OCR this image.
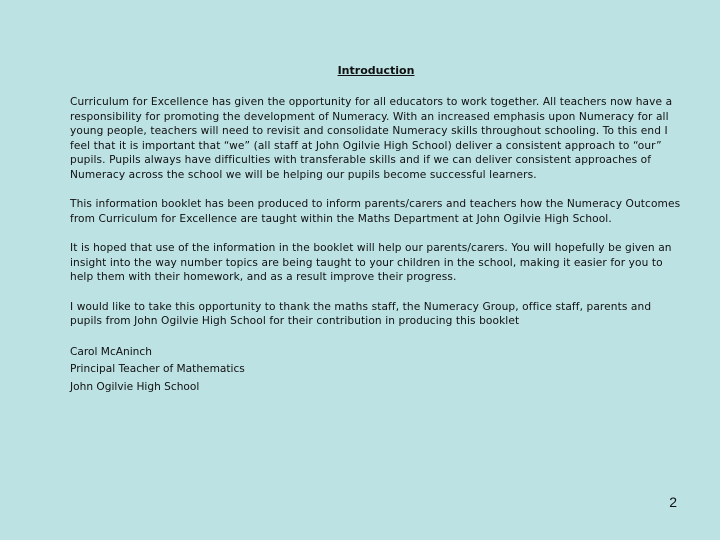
Introduction

Curriculum for Excellence has given the opportunity for all educators to work together. All teachers now have a responsibility for promoting the development of Numeracy. With an increased emphasis upon Numeracy for all young people, teachers will need to revisit and consolidate Numeracy skills throughout schooling. To this end I feel that it is important that “we” (all staff at John Ogilvie High School) deliver a consistent approach to “our” pupils. Pupils always have difficulties with transferable skills and if we can deliver consistent approaches of Numeracy across the school we will be helping our pupils become successful learners.

This information booklet has been produced to inform parents/carers and teachers how the Numeracy Outcomes from Curriculum for Excellence are taught within the Maths Department at John Ogilvie High School.

It is hoped that use of the information in the booklet will help our parents/carers. You will hopefully be given an insight into the way number topics are being taught to your children in the school, making it easier for you to help them with their homework, and as a result improve their progress.

I would like to take this opportunity to thank the maths staff, the Numeracy Group, office staff, parents and pupils from John Ogilvie High School for their contribution in producing this booklet

Carol McAninch
Principal Teacher of Mathematics
John Ogilvie High School
2
